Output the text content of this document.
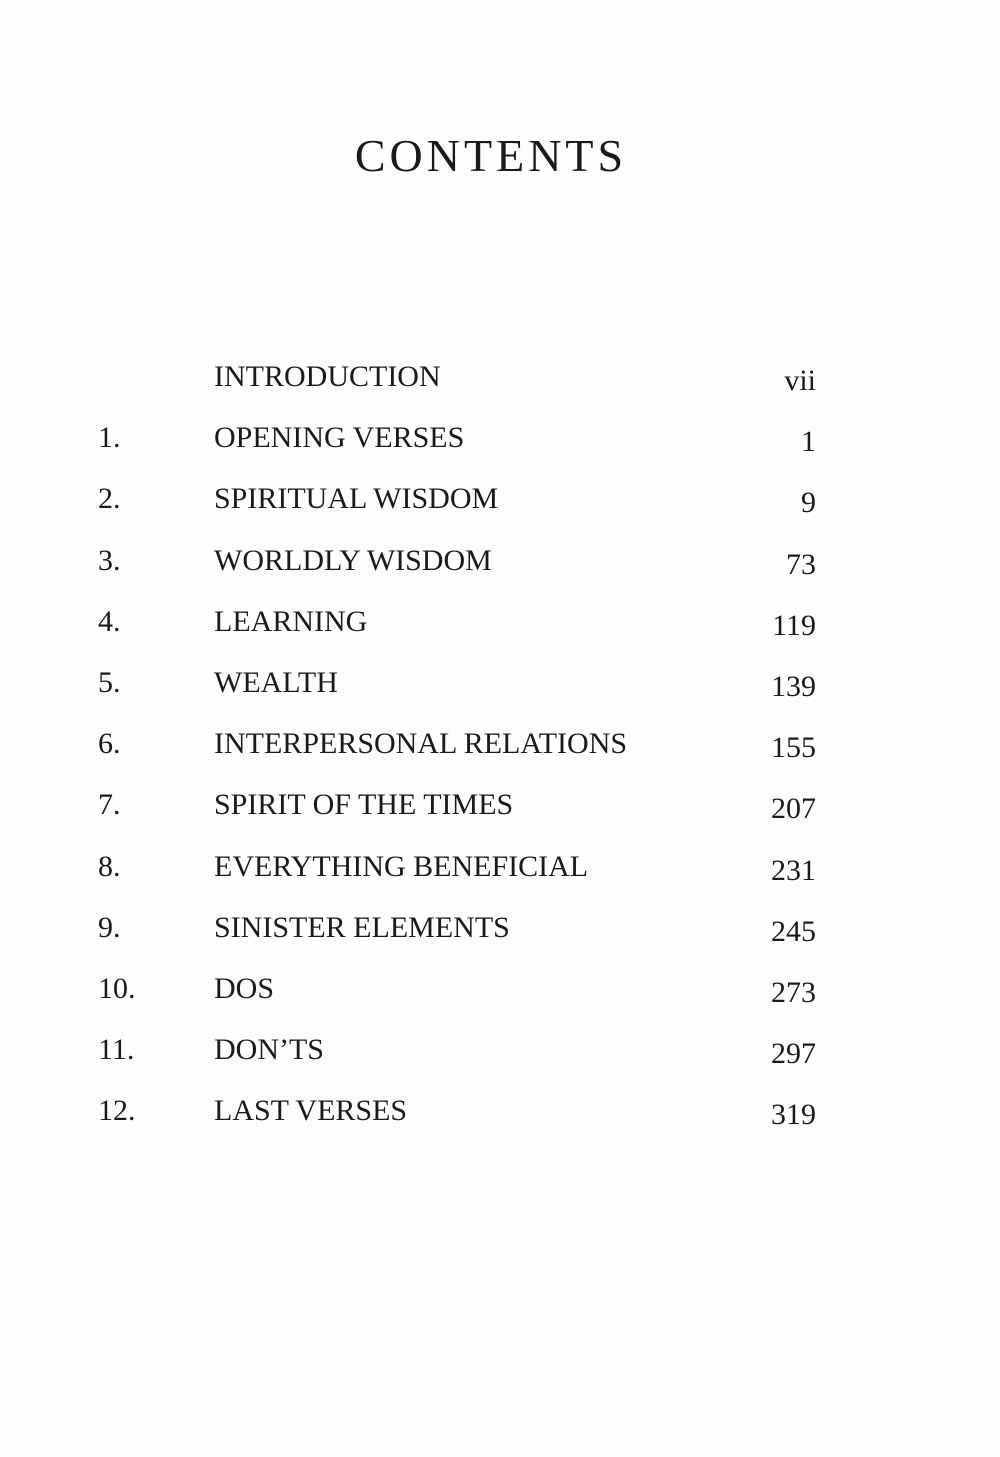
CONTENTS
INTRODUCTION	vii
1.	OPENING VERSES	1
2.	SPIRITUAL WISDOM	9
3.	WORLDLY WISDOM	73
4.	LEARNING	119
5.	WEALTH	139
6.	INTERPERSONAL RELATIONS	155
7.	SPIRIT OF THE TIMES	207
8.	EVERYTHING BENEFICIAL	231
9.	SINISTER ELEMENTS	245
10.	DOS	273
11.	DON’TS	297
12.	LAST VERSES	319
